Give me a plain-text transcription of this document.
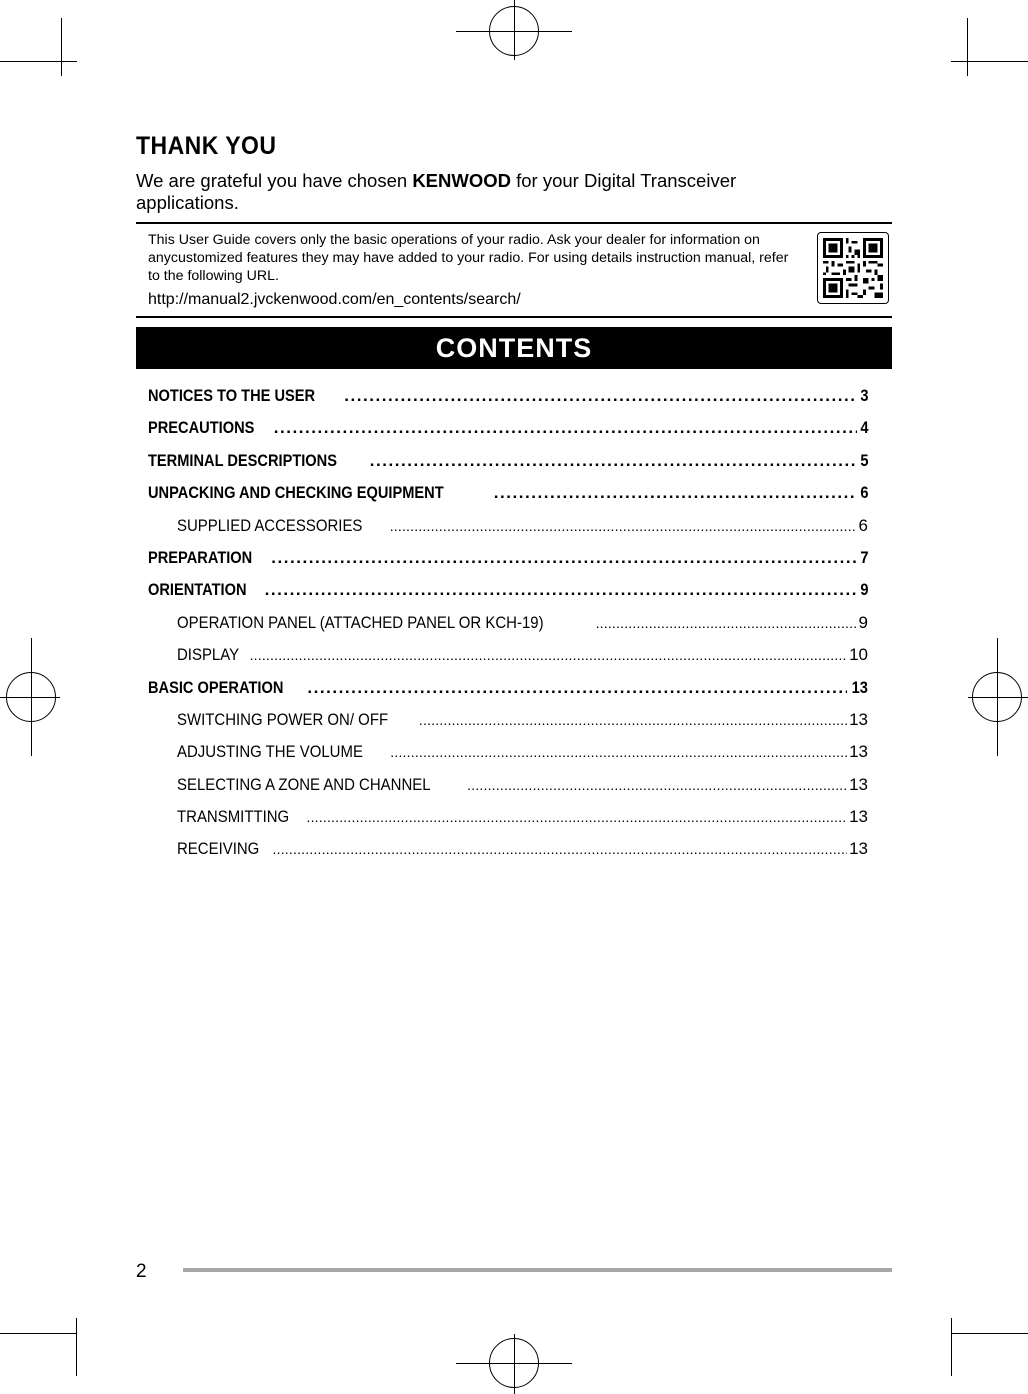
THANK YOU
We are grateful you have chosen KENWOOD for your Digital Transceiver applications.
This User Guide covers only the basic operations of your radio. Ask your dealer for information on anycustomized features they may have added to your radio. For using details instruction manual, refer to the following URL.
http://manual2.jvckenwood.com/en_contents/search/
CONTENTS
NOTICES TO THE USER . . .	3
PRECAUTIONS . . .	4
TERMINAL DESCRIPTIONS . . .	5
UNPACKING AND CHECKING EQUIPMENT . . .	6
SUPPLIED ACCESSORIES .....	6
PREPARATION . . .	7
ORIENTATION . . .	9
OPERATION PANEL (ATTACHED PANEL OR KCH-19) .....	9
DISPLAY .....	10
BASIC OPERATION . . .	13
SWITCHING POWER ON/ OFF .....	13
ADJUSTING THE VOLUME .....	13
SELECTING A ZONE AND CHANNEL .....	13
TRANSMITTING .....	13
RECEIVING .....	13
2
